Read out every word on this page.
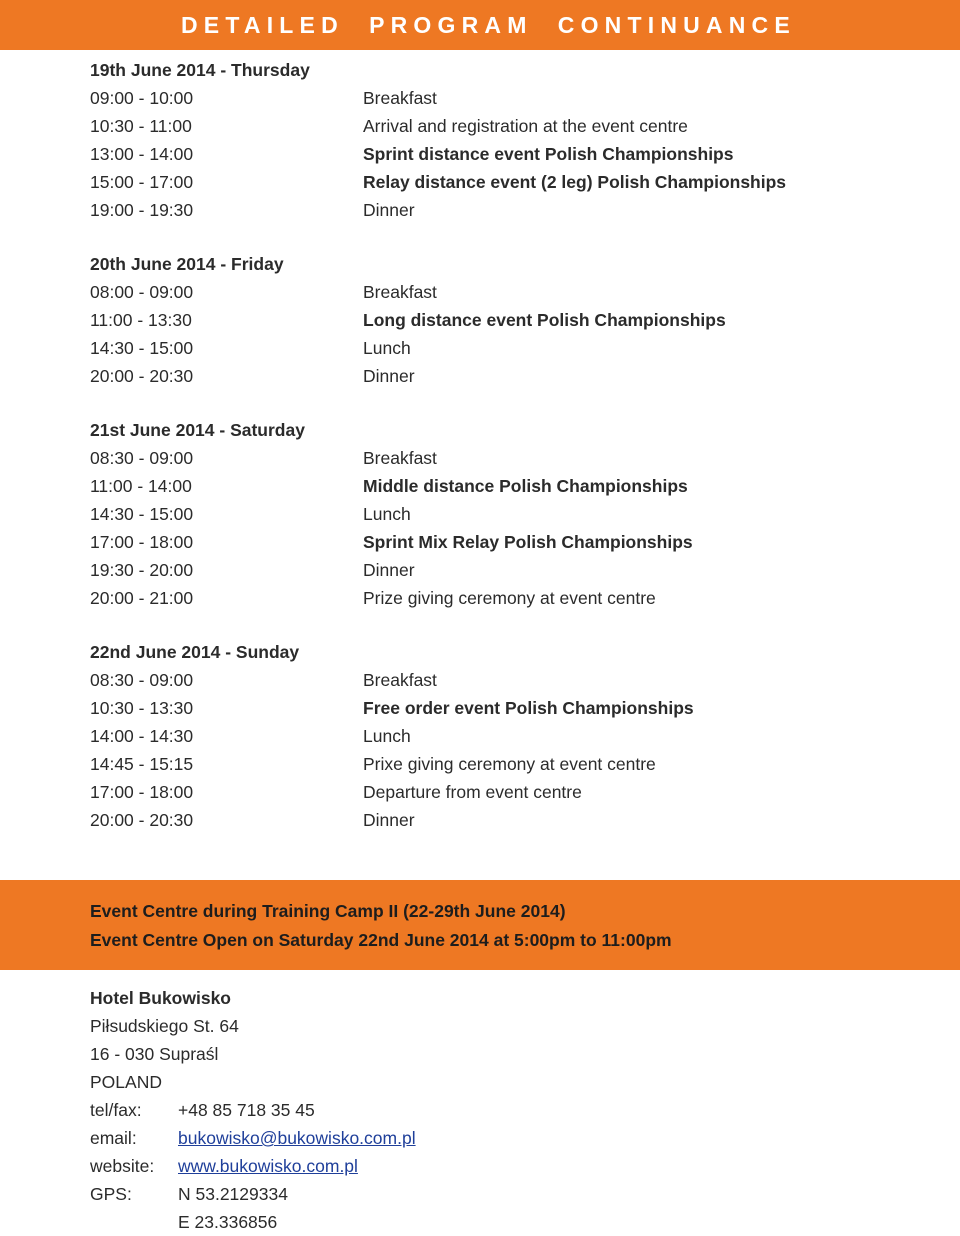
DETAILED  PROGRAM  CONTINUANCE
19th June 2014 - Thursday
09:00 - 10:00	Breakfast
10:30 - 11:00	Arrival and registration at the event centre
13:00 - 14:00	Sprint distance event Polish Championships
15:00 - 17:00	Relay distance event (2 leg) Polish Championships
19:00 - 19:30	Dinner
20th June 2014 - Friday
08:00 - 09:00	Breakfast
11:00 - 13:30	Long distance event Polish Championships
14:30 - 15:00	Lunch
20:00 - 20:30	Dinner
21st June 2014 - Saturday
08:30 - 09:00	Breakfast
11:00 - 14:00	Middle distance Polish Championships
14:30 - 15:00	Lunch
17:00 - 18:00	Sprint Mix Relay Polish Championships
19:30 - 20:00	Dinner
20:00 - 21:00	Prize giving ceremony at event centre
22nd June 2014 - Sunday
08:30 - 09:00	Breakfast
10:30 - 13:30	Free order event Polish Championships
14:00 - 14:30	Lunch
14:45 - 15:15	Prixe giving ceremony at event centre
17:00 - 18:00	Departure from event centre
20:00 - 20:30	Dinner
Event Centre during Training Camp II (22-29th June 2014)
Event Centre Open on Saturday 22nd June 2014 at 5:00pm to 11:00pm
Hotel Bukowisko
Piłsudskiego St. 64
16 - 030 Supraśl
POLAND
tel/fax:	+48 85 718 35 45
email:	bukowisko@bukowisko.com.pl
website:	www.bukowisko.com.pl
GPS:	N 53.2129334
E 23.336856
